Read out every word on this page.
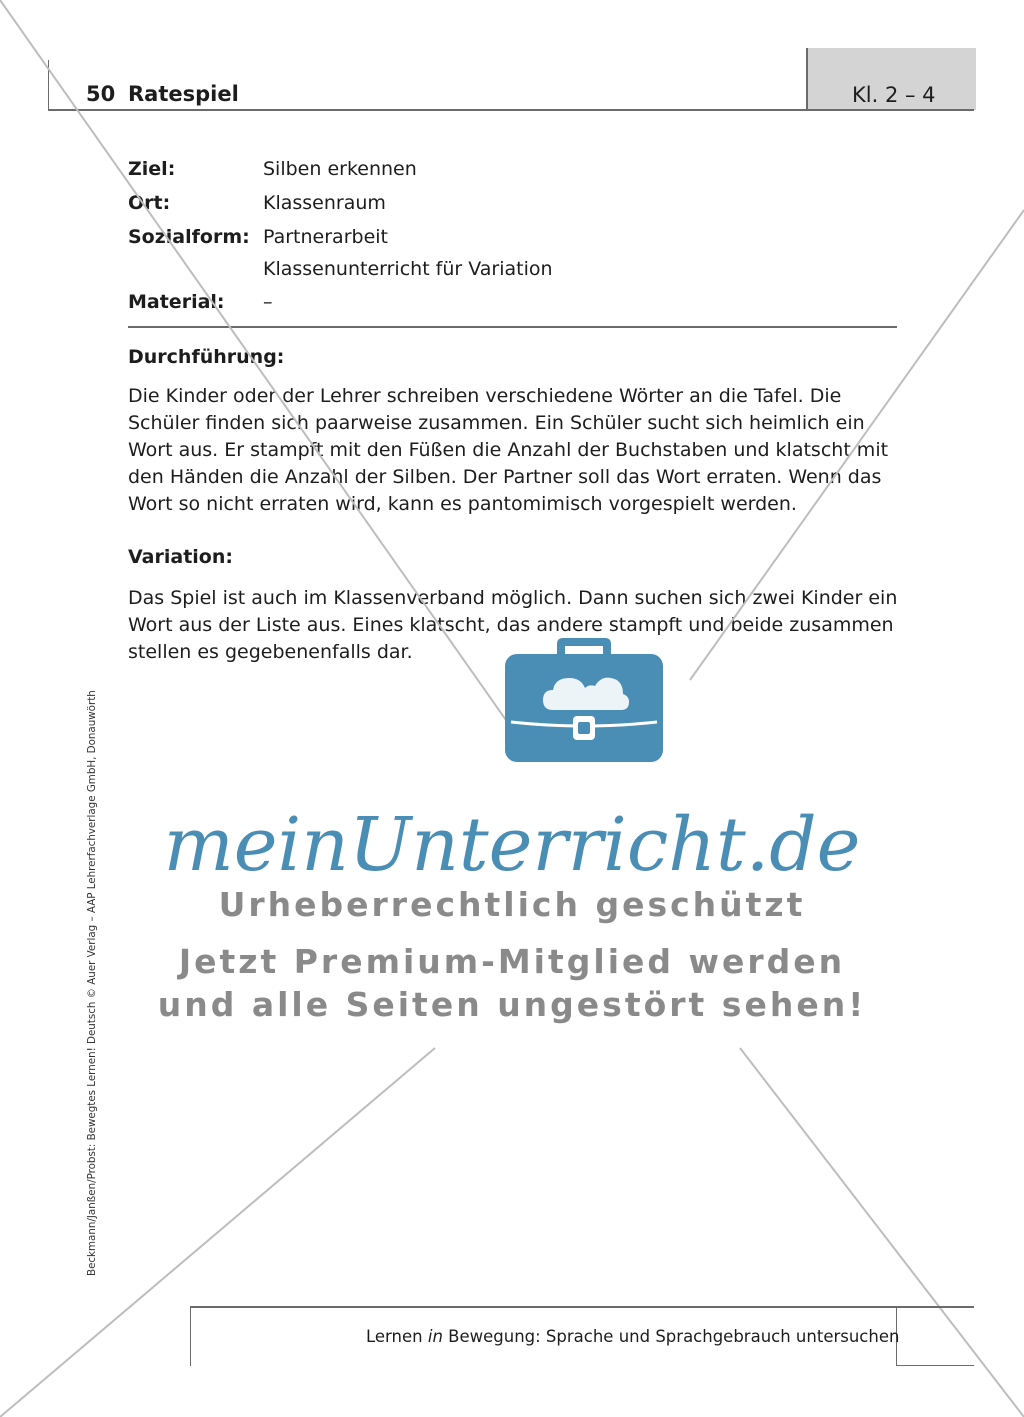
50 Ratespiel	Kl. 2 – 4
Ziel:	Silben erkennen
Ort:	Klassenraum
Sozialform: Partnerarbeit
Klassenunterricht für Variation
Material: –
Durchführung:

Die Kinder oder der Lehrer schreiben verschiedene Wörter an die Tafel. Die Schüler finden sich paarweise zusammen. Ein Schüler sucht sich heimlich ein Wort aus. Er stampft mit den Füßen die Anzahl der Buchstaben und klatscht mit den Händen die Anzahl der Silben. Der Partner soll das Wort erraten. Wenn das Wort so nicht erraten wird, kann es pantomimisch vorgespielt werden.

Variation:

Das Spiel ist auch im Klassenverband möglich. Dann suchen sich zwei Kinder ein Wort aus der Liste aus. Eines klatscht, das andere stampft und beide zusammen stellen es gegebenenfalls dar.

Beckmann/Janßen/Probst: Bewegtes Lernen! Deutsch © Auer Verlag – AAP Lehrerfachverlage GmbH, Donauwörth meinUnterricht.de
Urheberrechtlich geschützt
Jetzt Premium-Mitglied werden
und alle Seiten ungestört sehen!
Lernen in Bewegung: Sprache und Sprachgebrauch untersuchen
